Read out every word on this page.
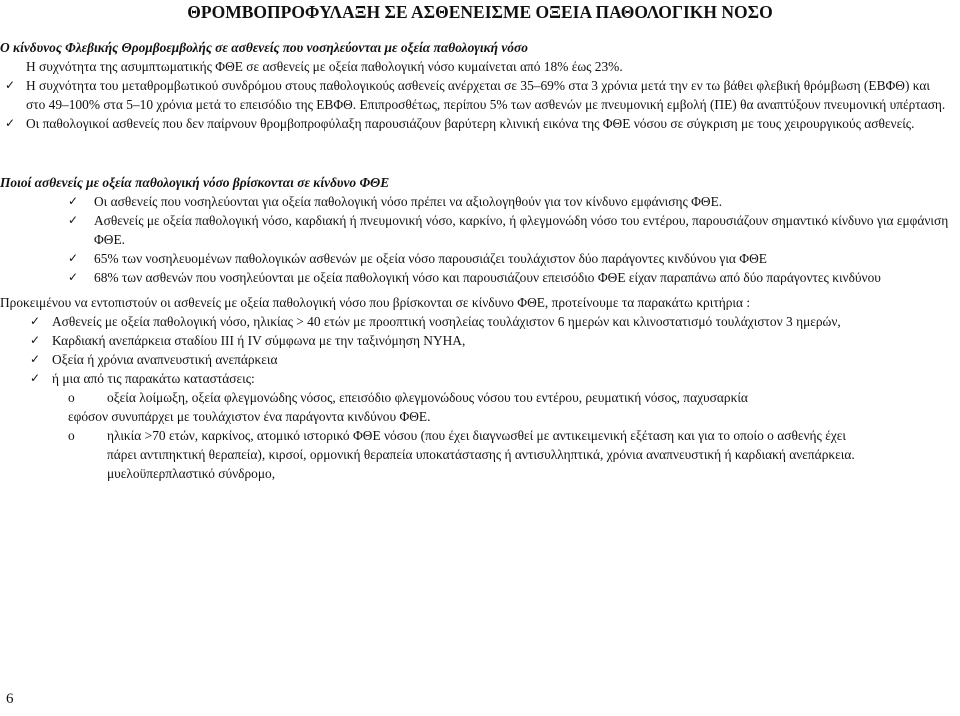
ΘΡΟΜΒΟΠΡΟΦΥΛΑΞΗ ΣΕ ΑΣΘΕΝΕΙΣΜΕ ΟΞΕΙΑ ΠΑΘΟΛΟΓΙΚΗ ΝΟΣΟ
Ο κίνδυνος Φλεβικής Θρομβοεμβολής σε ασθενείς που νοσηλεύονται με οξεία παθολογική νόσο
Η συχνότητα της ασυμπτωματικής ΦΘΕ σε ασθενείς με οξεία παθολογική νόσο κυμαίνεται από 18% έως 23%.
✓ Η συχνότητα του μεταθρομβωτικού συνδρόμου στους παθολογικούς ασθενείς ανέρχεται σε 35–69% στα 3 χρόνια μετά την εν τω βάθει φλεβική θρόμβωση (ΕΒΦΘ) και στο 49–100% στα 5–10 χρόνια μετά το επεισόδιο της ΕΒΦΘ. Επιπροσθέτως, περίπου 5% των ασθενών με πνευμονική εμβολή (ΠΕ) θα αναπτύξουν πνευμονική υπέρταση.
✓ Οι παθολογικοί ασθενείς που δεν παίρνουν θρομβοπροφύλαξη παρουσιάζουν βαρύτερη κλινική εικόνα της ΦΘΕ νόσου σε σύγκριση με τους χειρουργικούς ασθενείς.
Ποιοί ασθενείς με οξεία παθολογική νόσο βρίσκονται σε κίνδυνο ΦΘΕ
✓ Οι ασθενείς που νοσηλεύονται για οξεία παθολογική νόσο πρέπει να αξιολογηθούν για τον κίνδυνο εμφάνισης ΦΘΕ.
✓ Ασθενείς με οξεία παθολογική νόσο, καρδιακή ή πνευμονική νόσο, καρκίνο, ή φλεγμονώδη νόσο του εντέρου, παρουσιάζουν σημαντικό κίνδυνο για εμφάνιση ΦΘΕ.
✓ 65% των νοσηλευομένων παθολογικών ασθενών με οξεία νόσο παρουσιάζει τουλάχιστον δύο παράγοντες κινδύνου για ΦΘΕ
✓ 68% των ασθενών που νοσηλεύονται με οξεία παθολογική νόσο και παρουσιάζουν επεισόδιο ΦΘΕ είχαν παραπάνω από δύο παράγοντες κινδύνου
Προκειμένου να εντοπιστούν οι ασθενείς με οξεία παθολογική νόσο που βρίσκονται σε κίνδυνο ΦΘΕ, προτείνουμε τα παρακάτω κριτήρια :
✓ Ασθενείς με οξεία παθολογική νόσο, ηλικίας > 40 ετών με προοπτική νοσηλείας τουλάχιστον 6 ημερών και κλινοστατισμό τουλάχιστον 3 ημερών,
✓ Καρδιακή ανεπάρκεια σταδίου ΙΙΙ ή IV σύμφωνα με την ταξινόμηση NYHA,
✓ Οξεία ή χρόνια αναπνευστική ανεπάρκεια
✓ ή μια από τις παρακάτω καταστάσεις:
o οξεία λοίμωξη, οξεία φλεγμονώδης νόσος, επεισόδιο φλεγμονώδους νόσου του εντέρου, ρευματική νόσος, παχυσαρκία
εφόσον συνυπάρχει με τουλάχιστον ένα παράγοντα κινδύνου ΦΘΕ.
o ηλικία >70 ετών, καρκίνος, ατομικό ιστορικό ΦΘΕ νόσου (που έχει διαγνωσθεί με αντικειμενική εξέταση και για το οποίο ο ασθενής έχει
πάρει αντιπηκτική θεραπεία), κιρσοί, ορμονική θεραπεία υποκατάστασης ή αντισυλληπτικά, χρόνια αναπνευστική ή καρδιακή ανεπάρκεια.
μυελοϋπερπλαστικό σύνδρομο,
6
